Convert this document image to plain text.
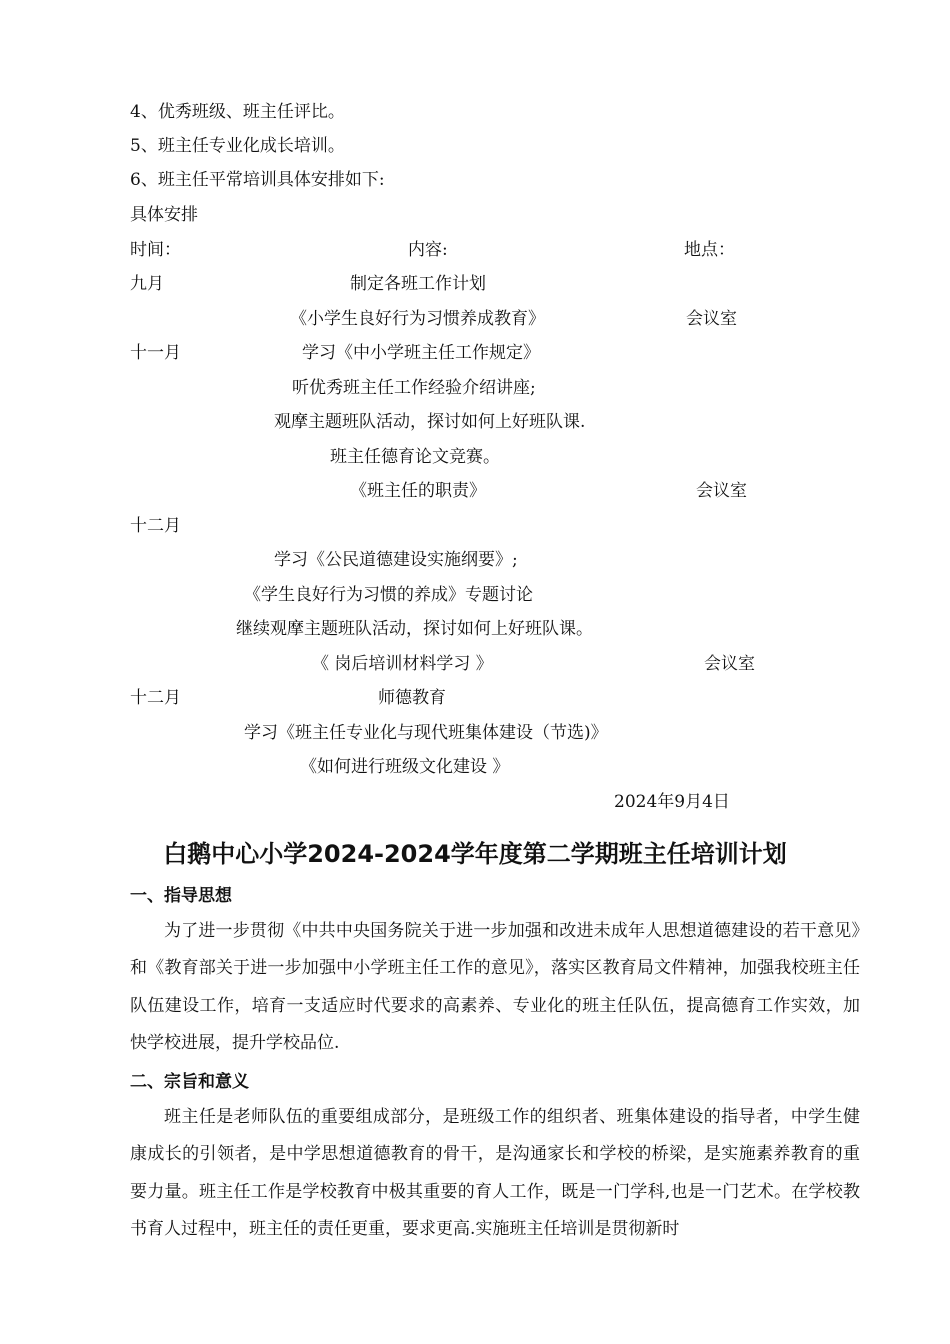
4、优秀班级、班主任评比。
5、班主任专业化成长培训。
6、班主任平常培训具体安排如下:
具体安排
时间：	内容:	地点：
九月	制定各班工作计划
《小学生良好行为习惯养成教育》	会议室
十一月	学习《中小学班主任工作规定》
听优秀班主任工作经验介绍讲座;
观摩主题班队活动，探讨如何上好班队课.
班主任德育论文竞赛。
《班主任的职责》	会议室
十二月
学习《公民道德建设实施纲要》;
《学生良好行为习惯的养成》专题讨论
继续观摩主题班队活动，探讨如何上好班队课。
《 岗后培训材料学习 》	会议室
十二月	师德教育
学习《班主任专业化与现代班集体建设（节选)》
《如何进行班级文化建设 》
2024年9月4日
白鹅中心小学2024-2024学年度第二学期班主任培训计划
一、指导思想
为了进一步贯彻《中共中央国务院关于进一步加强和改进未成年人思想道德建设的若干意见》和《教育部关于进一步加强中小学班主任工作的意见》，落实区教育局文件精神，加强我校班主任队伍建设工作，培育一支适应时代要求的高素养、专业化的班主任队伍，提高德育工作实效，加快学校进展，提升学校品位.
二、宗旨和意义
班主任是老师队伍的重要组成部分，是班级工作的组织者、班集体建设的指导者，中学生健康成长的引领者，是中学思想道德教育的骨干，是沟通家长和学校的桥梁，是实施素养教育的重要力量。班主任工作是学校教育中极其重要的育人工作，既是一门学科,也是一门艺术。在学校教书育人过程中，班主任的责任更重，要求更高.实施班主任培训是贯彻新时
